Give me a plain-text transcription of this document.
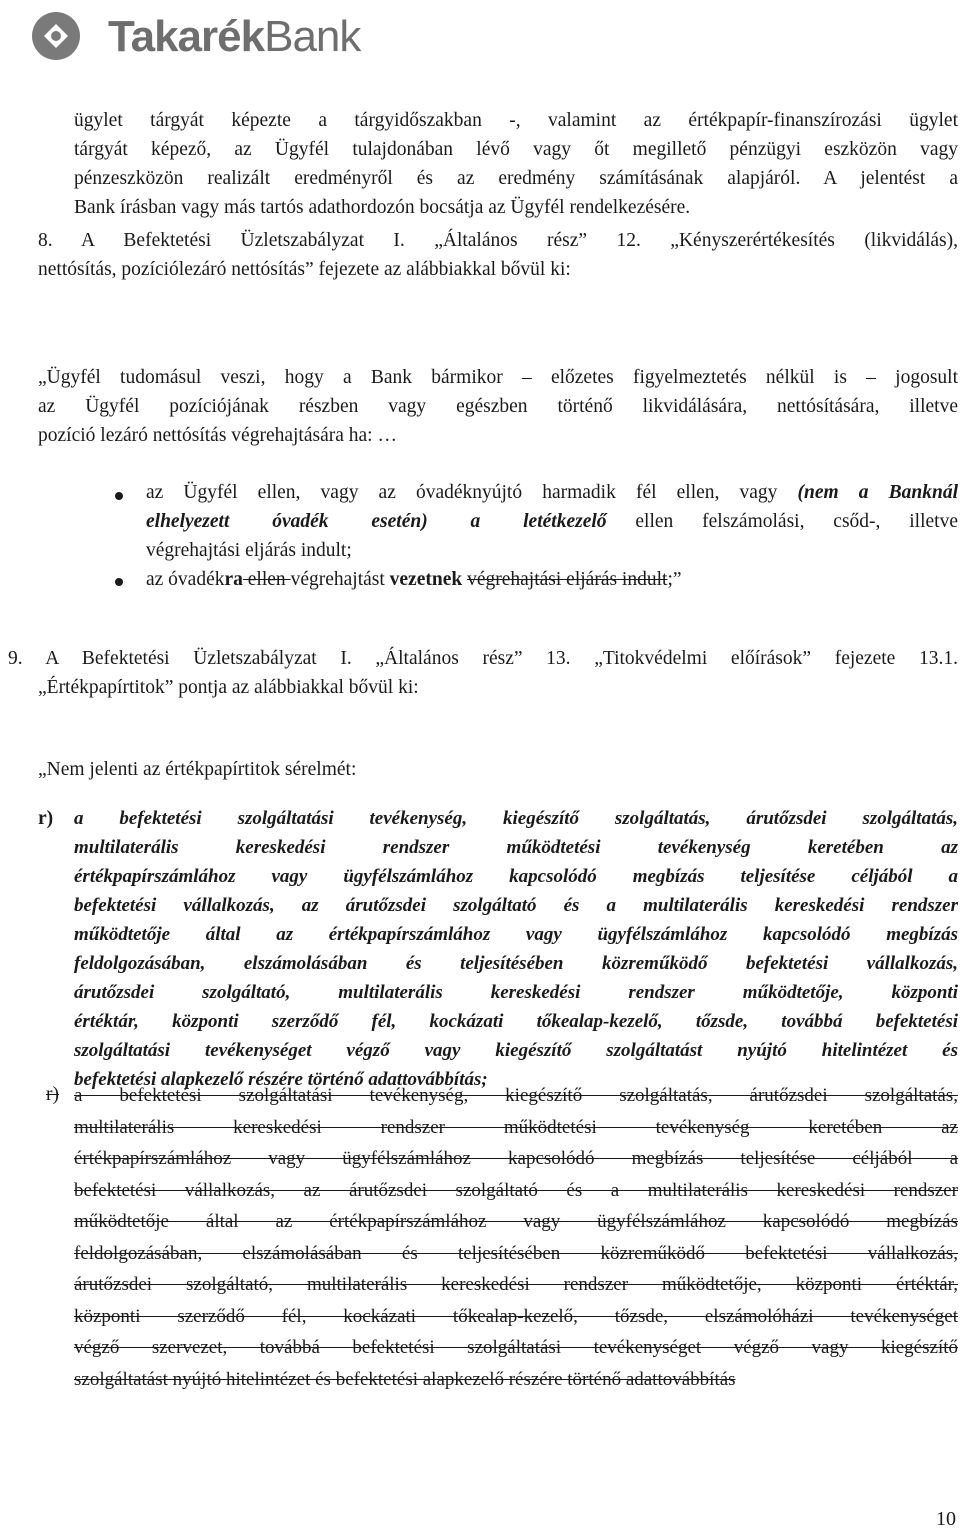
TakarékBank
ügylet tárgyát képezte a tárgyidőszakban -, valamint az értékpapír-finanszírozási ügylet
tárgyát képező, az Ügyfél tulajdonában lévő vagy őt megillető pénzügyi eszközön vagy
pénzeszközön realizált eredményről és az eredmény számításának alapjáról. A jelentést a
Bank írásban vagy más tartós adathordozón bocsátja az Ügyfél rendelkezésére.
8. A Befektetési Üzletszabályzat I. „Általános rész” 12. „Kényszerértékesítés (likvidálás),
nettósítás, pozíciólezáró nettósítás” fejezete az alábbiakkal bővül ki:
„Ügyfél tudomásul veszi, hogy a Bank bármikor – előzetes figyelmeztetés nélkül is – jogosult
az Ügyfél pozíciójának részben vagy egészben történő likvidálására, nettósítására, illetve
pozíció lezáró nettósítás végrehajtására ha: …
az Ügyfél ellen, vagy az óvadéknyújtó harmadik fél ellen, vagy (nem a Banknál
elhelyezett óvadék esetén) a letétkezelő ellen felszámolási, csőd-, illetve
végrehajtási eljárás indult;
az óvadékra ellen végrehajtást vezetnek végrehajtási eljárás indult;”
9. A Befektetési Üzletszabályzat I. „Általános rész” 13. „Titokvédelmi előírások” fejezete 13.1.
„Értékpapírtitok” pontja az alábbiakkal bővül ki:
„Nem jelenti az értékpapírtitok sérelmét:
r)	a befektetési szolgáltatási tevékenység, kiegészítő szolgáltatás, árutőzsdei szolgáltatás,
multilaterális kereskedési rendszer működtetési tevékenység keretében az
értékpapírszámlához vagy ügyfélszámlához kapcsolódó megbízás teljesítése céljából a
befektetési vállalkozás, az árutőzsdei szolgáltató és a multilaterális kereskedési rendszer
működtetője által az értékpapírszámlához vagy ügyfélszámlához kapcsolódó megbízás
feldolgozásában, elszámolásában és teljesítésében közreműködő befektetési vállalkozás,
árutőzsdei szolgáltató, multilaterális kereskedési rendszer működtetője, központi
értéktár, központi szerződő fél, kockázati tőkealap-kezelő, tőzsde, továbbá befektetési
szolgáltatási tevékenységet végző vagy kiegészítő szolgáltatást nyújtó hitelintézet és
befektetési alapkezelő részére történő adattovábbítás;
r) a befektetési szolgáltatási tevékenység, kiegészítő szolgáltatás, árutőzsdei szolgáltatás,
multilaterális kereskedési rendszer működtetési tevékenység keretében az
értékpapírszámlához vagy ügyfélszámlához kapcsolódó megbízás teljesítése céljából a
befektetési vállalkozás, az árutőzsdei szolgáltató és a multilaterális kereskedési rendszer
működtetője által az értékpapírszámlához vagy ügyfélszámlához kapcsolódó megbízás
feldolgozásában, elszámolásában és teljesítésében közreműködő befektetési vállalkozás,
árutőzsdei szolgáltató, multilaterális kereskedési rendszer működtetője, központi értéktár,
központi szerződő fél, kockázati tőkealap-kezelő, tőzsde, elszámolóházi tevékenységet
végző szervezet, továbbá befektetési szolgáltatási tevékenységet végző vagy kiegészítő
szolgáltatást nyújtó hitelintézet és befektetési alapkezelő részére történő adattovábbítás
10
